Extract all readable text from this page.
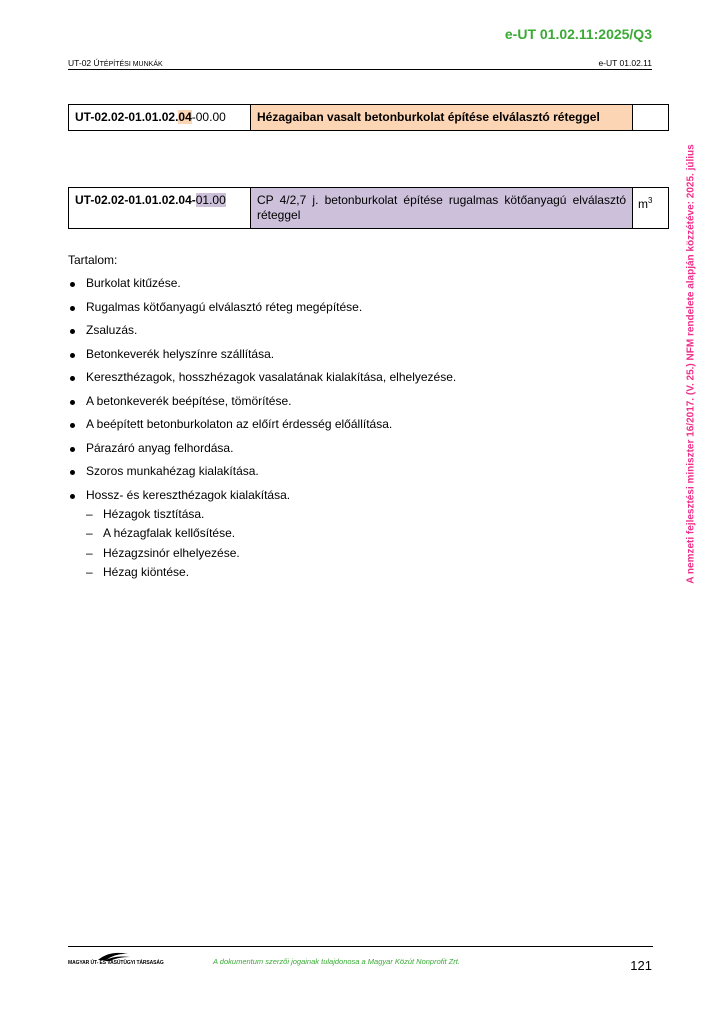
e-UT 01.02.11:2025/Q3
UT-02 ÚTÉPÍTÉSI MUNKÁK	e-UT 01.02.11
A nemzeti fejlesztési miniszter 16/2017. (V. 25.) NFM rendelete alapján közzétéve: 2025. július
UT-02.02-01.01.02.04-00.00	Hézagaiban vasalt betonburkolat építése elválasztó réteggel	
UT-02.02-01.01.02.04-01.00	CP 4/2,7 j. betonburkolat építése rugalmas kötőanyagú elválasztó réteggel	$m^3$
Tartalom:
Burkolat kitűzése.
Rugalmas kötőanyagú elválasztó réteg megépítése.
Zsaluzás.
Betonkeverék helyszínre szállítása.
Kereszthézagok, hosszhézagok vasalatának kialakítása, elhelyezése.
A betonkeverék beépítése, tömörítése.
A beépített betonburkolaton az előírt érdesség előállítása.
Párazáró anyag felhordása.
Szoros munkahézag kialakítása.
Hossz- és kereszthézagok kialakítása.
– Hézagok tisztítása.
– A hézagfalak kellősítése.
– Hézagzsinór elhelyezése.
– Hézag kiöntése.
MAGYAR ÚT- ÉS VASÚTÜGYI TÁRSASÁG	A dokumentum szerzői jogainak tulajdonosa a Magyar Közút Nonprofit Zrt.	121
